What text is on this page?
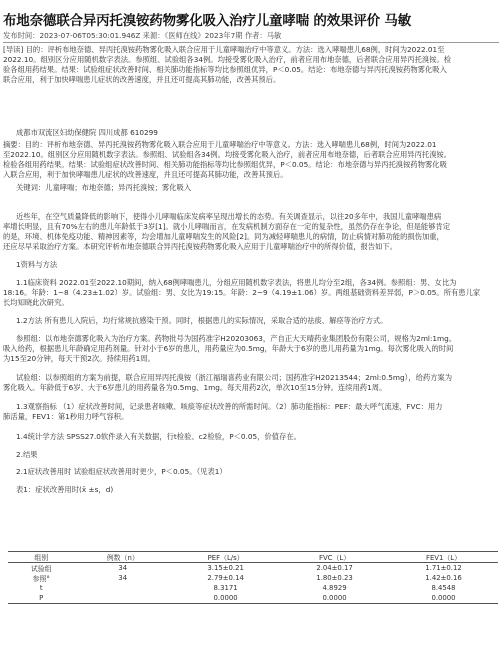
布地奈德联合异丙托溴铵药物雾化吸入治疗儿童哮喘 的效果评价 马敏
发布时间：2023-07-06T05:30:01.946Z 来源：《医师在线》2023年7期 作者：马敏
[导读] 目的：评析布地奈德、异丙托溴铵药物雾化吸入联合应用于儿童哮喘治疗中等意义。方法：选入哮喘患儿68例，时间为2022.01至
2022.10。组别区分应用随机数字表法。参照组、试验组各34例。均接受雾化吸入治疗，前者应用布地奈德，后者联合应用异丙托溴铵。检
验各组用药结果。结果：试验组症状改善时间、相关肺功能指标等均比参照组优异，P＜0.05。结论：布地奈德与异丙托溴铵药物雾化吸入
联合应用，利于加快哮喘患儿症状的改善速度，并且还可提高其肺功能，改善其预后。
成都市双流区妇幼保健院 四川成都 610299
摘要：目的：评析布地奈德、异丙托溴铵药物雾化吸入联合应用于儿童哮喘治疗中等意义。方法：选入哮喘患儿68例，时间为2022.01
至2022.10。组别区分应用随机数字表法。参照组、试验组各34例。均接受雾化吸入治疗，前者应用布地奈德，后者联合应用异丙托溴铵。
检验各组用药结果。结果：试验组症状改善时间、相关肺功能指标等均比参照组优异，P＜0.05。结论：布地奈德与异丙托溴铵药物雾化吸
入联合应用，利于加快哮喘患儿症状的改善速度，并且还可提高其肺功能，改善其预后。
关键词：儿童哮喘；布地奈德；异丙托溴铵；雾化吸入
近些年，在空气质量降低的影响下，使得小儿哮喘临床发病率呈现出增长的态势。有关调查显示，以往20多年中，我国儿童哮喘患病
率增长明显，且有70%左右的患儿年龄低于3岁[1]。就小儿哮喘而言，在发病机制方面存在一定的复杂性，虽然仍存在争论，但是能够肯定
的是，环境、机体免疫功能、精神因素等，均会增加儿童哮喘发生的风险[2]。同为减轻哮喘患儿的病情，防止病情对肺功能的损伤加重，
还应尽早采取治疗方案。本研究评析布地奈德联合异丙托溴铵药物雾化吸入应用于儿童哮喘治疗中的所得价值，报告如下。
1资料与方法
1.1临床资料 2022.01至2022.10期间，纳入68例哮喘患儿，分组应用随机数字表法，将患儿均分至2组，各34例。参照组：男、女比为
18:16。年龄：1~8（4.23±1.02）岁。试验组：男、女比为19:15。年龄：2~9（4.19±1.06）岁。两组基础资料差异弱，P＞0.05。所有患儿家
长均知晓此次研究。
1.2方法 所有患儿入院后，均行常规抗感染干预。同时，根据患儿的实际情况，采取合适的祛痰、解痉等治疗方式。
参照组：以布地奈德雾化吸入为治疗方案。药物批号为国药准字H20203063，产自正大天晴药业集团股份有限公司，规格为2ml:1mg。
吸入给药，根据患儿年龄确定用药剂量。针对小于6岁的患儿，用药量应为0.5mg，年龄大于6岁的患儿用药量为1mg。每次雾化吸入的时间
为15至20分钟，每天干预2次。持续用药1周。
试验组：以参照组的方案为前提，联合应用异丙托溴铵（浙江福瑞喜药业有限公司；国药准字H20213544；2ml:0.5mg），给药方案为
雾化吸入。年龄低于6岁、大于6岁患儿的用药量各为0.5mg、1mg。每天用药2次，单次10至15分钟。连续用药1周。
1.3观察指标 （1）症状改善时间，记录患者咳嗽、咳痰等症状改善的所需时间。（2）肺功能指标：PEF：最大呼气流速，FVC：用力
肺活量，FEV1：第1秒用力呼气容积。
1.4统计学方法 SPSS27.0软件录入有关数据，行t检验、c2检验，P＜0.05，价值存在。
2.结果
2.1症状改善用时 试验组症状改善用时更少，P＜0.05。（见表1）
表1：症状改善用时(x̄ ±s，d)
组别	例数（n）	PEF（L/s）	FVC（L）	FEV1（L）
试验组	34	3.15±0.21	2.04±0.17	1.71±0.12
参照°	34	2.79±0.14	1.80±0.23	1.42±0.16
t		8.3171	4.8929	8.4548
P		0.0000	0.0000	0.0000
